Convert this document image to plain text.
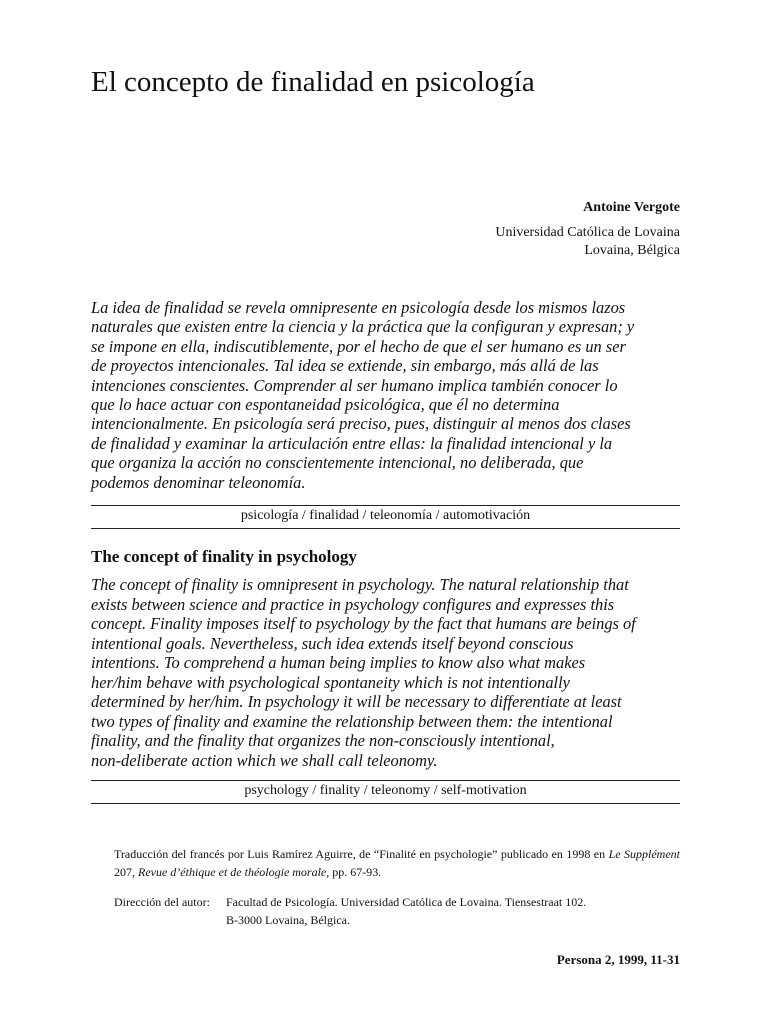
El concepto de finalidad en psicología
Antoine Vergote
Universidad Católica de Lovaina
Lovaina, Bélgica
La idea de finalidad se revela omnipresente en psicología desde los mismos lazos
naturales que existen entre la ciencia y la práctica que la configuran y expresan; y
se impone en ella, indiscutiblemente, por el hecho de que el ser humano es un ser
de proyectos intencionales. Tal idea se extiende, sin embargo, más allá de las
intenciones conscientes. Comprender al ser humano implica también conocer lo
que lo hace actuar con espontaneidad psicológica, que él no determina
intencionalmente. En psicología será preciso, pues, distinguir al menos dos clases
de finalidad y examinar la articulación entre ellas: la finalidad intencional y la
que organiza la acción no conscientemente intencional, no deliberada, que
podemos denominar teleonomía.
psicología / finalidad / teleonomía / automotivación
The concept of finality in psychology
The concept of finality is omnipresent in psychology. The natural relationship that
exists between science and practice in psychology configures and expresses this
concept. Finality imposes itself to psychology by the fact that humans are beings of
intentional goals. Nevertheless, such idea extends itself beyond conscious
intentions. To comprehend a human being implies to know also what makes
her/him behave with psychological spontaneity which is not intentionally
determined by her/him. In psychology it will be necessary to differentiate at least
two types of finality and examine the relationship between them: the intentional
finality, and the finality that organizes the non-consciously intentional,
non-deliberate action which we shall call teleonomy.
psychology / finality / teleonomy / self-motivation
Traducción del francés por Luis Ramírez Aguirre, de “Finalité en psychologie” publicado en 1998 en Le Supplément 207, Revue d’éthique et de théologie morale, pp. 67-93.
Dirección del autor:	Facultad de Psicología. Universidad Católica de Lovaina. Tiensestraat 102.
B-3000 Lovaina, Bélgica.
Persona 2, 1999, 11-31
